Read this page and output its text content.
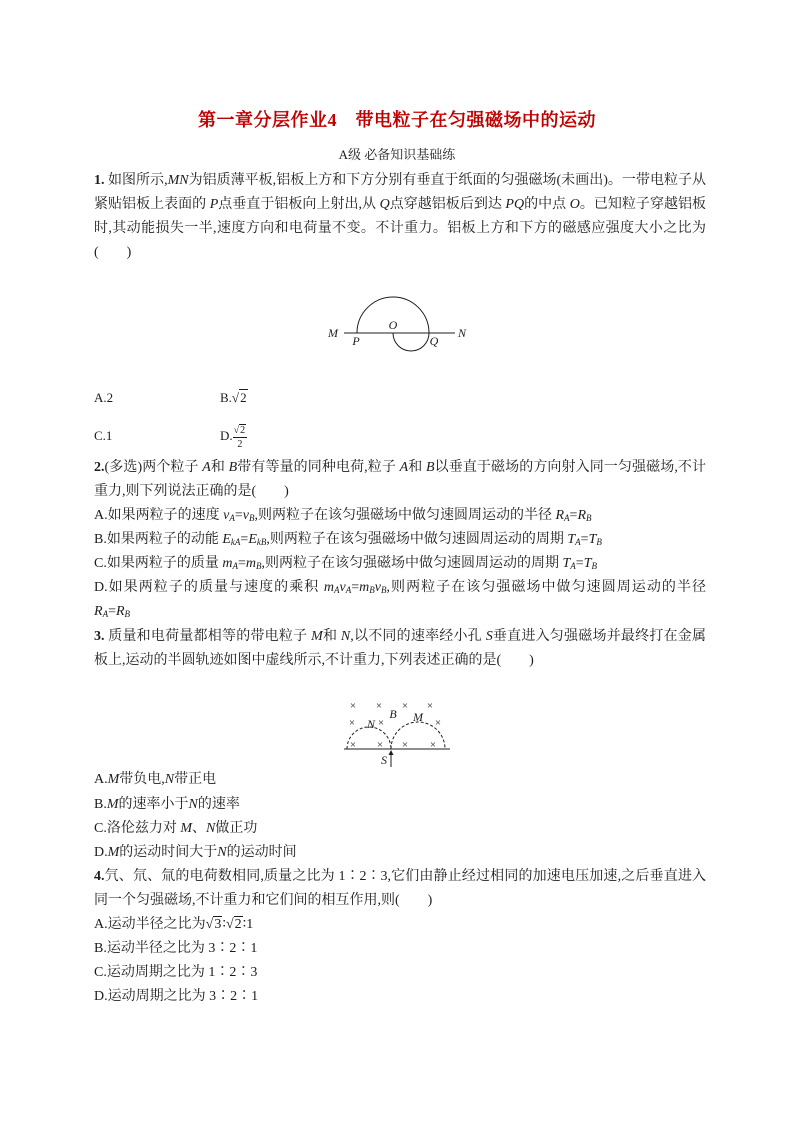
第一章分层作业4　带电粒子在匀强磁场中的运动
A级 必备知识基础练
1. 如图所示,MN为铝质薄平板,铝板上方和下方分别有垂直于纸面的匀强磁场(未画出)。一带电粒子从紧贴铝板上表面的 P点垂直于铝板向上射出,从 Q点穿越铝板后到达 PQ的中点 O。已知粒子穿越铝板时,其动能损失一半,速度方向和电荷量不变。不计重力。铝板上方和下方的磁感应强度大小之比为(　　)
M
O
N
P	Q
A.2	B.√2
C.1	D. $\frac{√2}{2}$
2.(多选)两个粒子 A和 B带有等量的同种电荷,粒子 A和 B以垂直于磁场的方向射入同一匀强磁场,不计重力,则下列说法正确的是(　　)
A.如果两粒子的速度 $v_A=v_B$,则两粒子在该匀强磁场中做匀速圆周运动的半径 $R_A=R_B$
B.如果两粒子的动能 $E_{kA}=E_{kB}$,则两粒子在该匀强磁场中做匀速圆周运动的周期 $T_A=T_B$
C.如果两粒子的质量 $m_A=m_B$,则两粒子在该匀强磁场中做匀速圆周运动的周期 $T_A=T_B$
D.如果两粒子的质量与速度的乘积 $m_Av_A=m_Bv_B$,则两粒子在该匀强磁场中做匀速圆周运动的半径 $R_A=R_B$
3. 质量和电荷量都相等的带电粒子 M和 N,以不同的速率经小孔 S垂直进入匀强磁场并最终打在金属板上,运动的半圆轨迹如图中虚线所示,不计重力,下列表述正确的是(　　)
× × × ×
× ×	×
× × × ×
N
B M
S
A.M带负电,N带正电
B.M的速率小于N的速率
C.洛伦兹力对 M、N做正功
D.M的运动时间大于N的运动时间
4.氕、氘、氚的电荷数相同,质量之比为 1∶2∶3,它们由静止经过相同的加速电压加速,之后垂直进入同一个匀强磁场,不计重力和它们间的相互作用,则(　　)
A.运动半径之比为√3∶√2∶1
B.运动半径之比为 3∶2∶1
C.运动周期之比为 1∶2∶3
D.运动周期之比为 3∶2∶1
